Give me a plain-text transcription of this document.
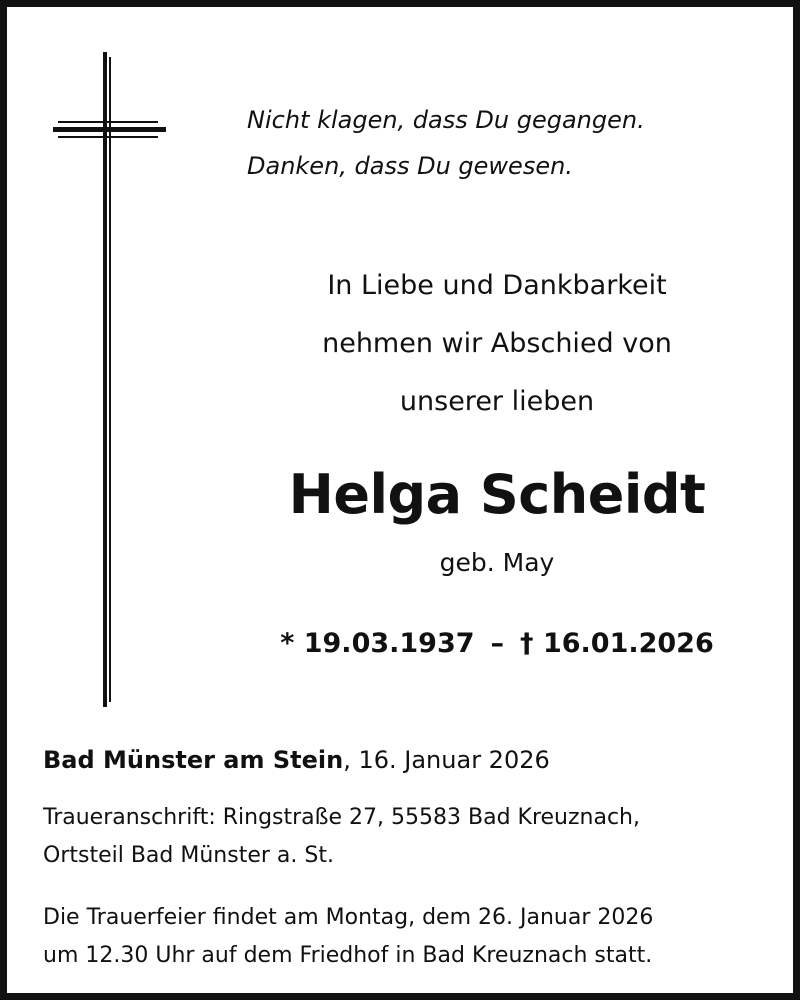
Nicht klagen, dass Du gegangen.
Danken, dass Du gewesen.
In Liebe und Dankbarkeit
nehmen wir Abschied von
unserer lieben
Helga Scheidt
geb. May
* 19.03.1937 – † 16.01.2026
Bad Münster am Stein, 16. Januar 2026
Traueranschrift: Ringstraße 27, 55583 Bad Kreuznach,
Ortsteil Bad Münster a. St.
Die Trauerfeier findet am Montag, dem 26. Januar 2026
um 12.30 Uhr auf dem Friedhof in Bad Kreuznach statt.
